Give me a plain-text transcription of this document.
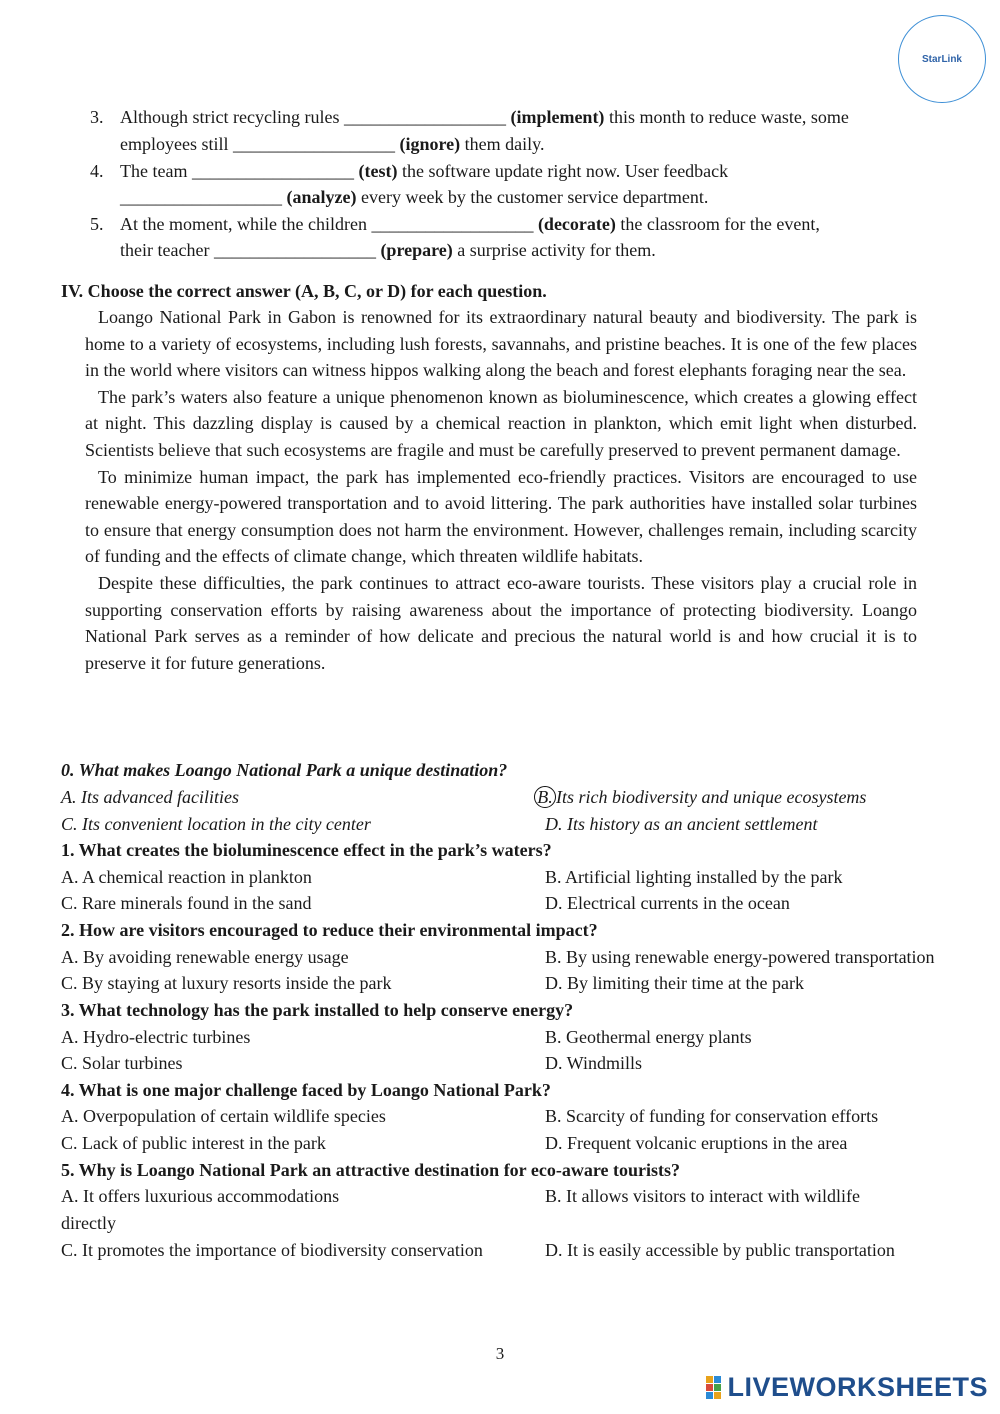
StarLink
3. Although strict recycling rules __________________ (implement) this month to reduce waste, some
employees still __________________ (ignore) them daily.
4. The team __________________ (test) the software update right now. User feedback
__________________ (analyze) every week by the customer service department.
5. At the moment, while the children __________________ (decorate) the classroom for the event,
their teacher __________________ (prepare) a surprise activity for them.
IV. Choose the correct answer (A, B, C, or D) for each question.

Loango National Park in Gabon is renowned for its extraordinary natural beauty and biodiversity. The park is home to a variety of ecosystems, including lush forests, savannahs, and pristine beaches. It is one of the few places in the world where visitors can witness hippos walking along the beach and forest elephants foraging near the sea.

The park’s waters also feature a unique phenomenon known as bioluminescence, which creates a glowing effect at night. This dazzling display is caused by a chemical reaction in plankton, which emit light when disturbed. Scientists believe that such ecosystems are fragile and must be carefully preserved to prevent permanent damage.

To minimize human impact, the park has implemented eco-friendly practices. Visitors are encouraged to use renewable energy-powered transportation and to avoid littering. The park authorities have installed solar turbines to ensure that energy consumption does not harm the environment. However, challenges remain, including scarcity of funding and the effects of climate change, which threaten wildlife habitats.

Despite these difficulties, the park continues to attract eco-aware tourists. These visitors play a crucial role in supporting conservation efforts by raising awareness about the importance of protecting biodiversity. Loango National Park serves as a reminder of how delicate and precious the natural world is and how crucial it is to preserve it for future generations.

0. What makes Loango National Park a unique destination?
A. Its advanced facilities	B. Its rich biodiversity and unique ecosystems
C. Its convenient location in the city center	D. Its history as an ancient settlement
1. What creates the bioluminescence effect in the park’s waters?
A. A chemical reaction in plankton	B. Artificial lighting installed by the park
C. Rare minerals found in the sand	D. Electrical currents in the ocean
2. How are visitors encouraged to reduce their environmental impact?
A. By avoiding renewable energy usage	B. By using renewable energy-powered transportation
C. By staying at luxury resorts inside the park	D. By limiting their time at the park
3. What technology has the park installed to help conserve energy?
A. Hydro-electric turbines	B. Geothermal energy plants
C. Solar turbines	D. Windmills
4. What is one major challenge faced by Loango National Park?
A. Overpopulation of certain wildlife species	B. Scarcity of funding for conservation efforts
C. Lack of public interest in the park	D. Frequent volcanic eruptions in the area
5. Why is Loango National Park an attractive destination for eco-aware tourists?
A. It offers luxurious accommodations	B. It allows visitors to interact with wildlife
directly
C. It promotes the importance of biodiversity conservation	D. It is easily accessible by public transportation
3
LIVEWORKSHEETS
